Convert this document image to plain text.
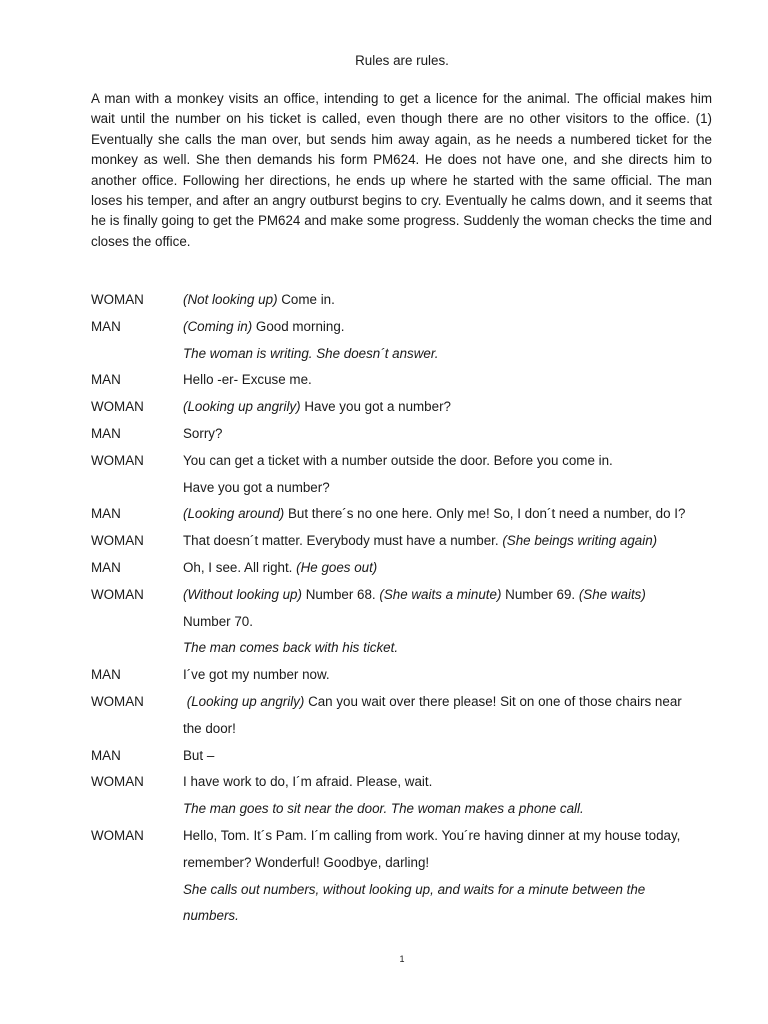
Rules are rules.
A man with a monkey visits an office, intending to get a licence for the animal. The official makes him wait until the number on his ticket is called, even though there are no other visitors to the office. (1) Eventually she calls the man over, but sends him away again, as he needs a numbered ticket for the monkey as well. She then demands his form PM624. He does not have one, and she directs him to another office. Following her directions, he ends up where he started with the same official. The man loses his temper, and after an angry outburst begins to cry. Eventually he calms down, and it seems that he is finally going to get the PM624 and make some progress. Suddenly the woman checks the time and closes the office.
WOMAN	(Not looking up) Come in.
MAN	(Coming in) Good morning.
The woman is writing. She doesn´t answer.
MAN	Hello -er- Excuse me.
WOMAN	(Looking up angrily) Have you got a number?
MAN	Sorry?
WOMAN	You can get a ticket with a number outside the door. Before you come in.
Have you got a number?
MAN	(Looking around) But there´s no one here. Only me! So, I don´t need a number, do I?
WOMAN	That doesn´t matter. Everybody must have a number. (She beings writing again)
MAN	Oh, I see. All right. (He goes out)
WOMAN	(Without looking up) Number 68. (She waits a minute) Number 69. (She waits)
Number 70.
The man comes back with his ticket.
MAN	I´ve got my number now.
WOMAN	(Looking up angrily) Can you wait over there please! Sit on one of those chairs near
the door!
MAN	But –
WOMAN	I have work to do, I´m afraid. Please, wait.
The man goes to sit near the door. The woman makes a phone call.
WOMAN	Hello, Tom. It´s Pam. I´m calling from work. You´re having dinner at my house today,
remember? Wonderful! Goodbye, darling!
She calls out numbers, without looking up, and waits for a minute between the
numbers.
1
